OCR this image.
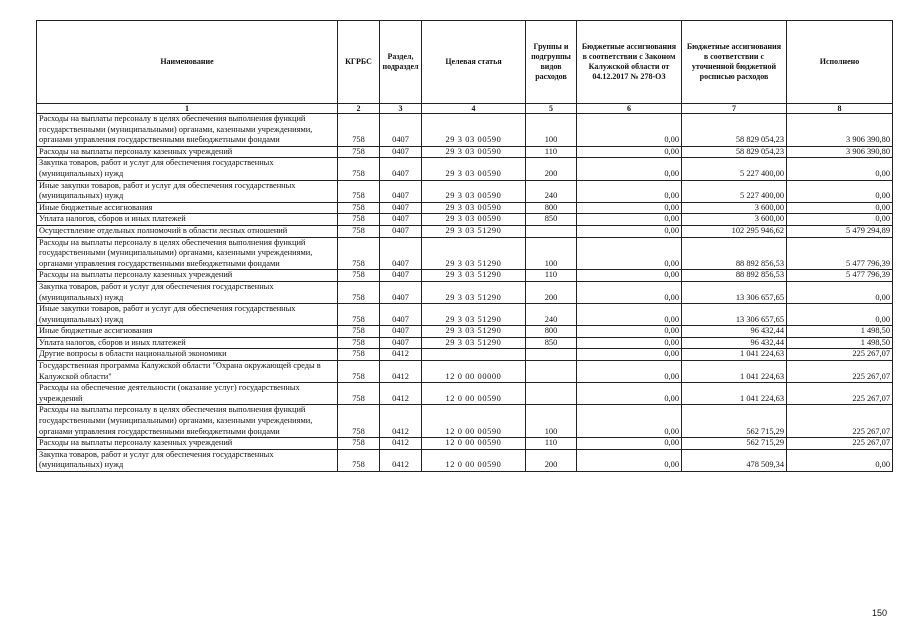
Наименование	КГРБС	Раздел, подраздел	Целевая статья	Группы и подгруппы видов расходов	Бюджетные ассигнования в соответствии с Законом Калужской области от 04.12.2017 № 278-ОЗ	Бюджетные ассигнования в соответствии с уточненной бюджетной росписью расходов	Исполнено
1	2	3	4	5	6	7	8
Расходы на выплаты персоналу в целях обеспечения выполнения функций государственными (муниципальными) органами, казенными учреждениями, органами управления государственными внебюджетными фондами	758	0407	29 3 03 00590	100	0,00	58 829 054,23	3 906 390,80
Расходы на выплаты персоналу казенных учреждений	758	0407	29 3 03 00590	110	0,00	58 829 054,23	3 906 390,80
Закупка товаров, работ и услуг для обеспечения государственных (муниципальных) нужд	758	0407	29 3 03 00590	200	0,00	5 227 400,00	0,00
Иные закупки товаров, работ и услуг для обеспечения государственных (муниципальных) нужд	758	0407	29 3 03 00590	240	0,00	5 227 400,00	0,00
Иные бюджетные ассигнования	758	0407	29 3 03 00590	800	0,00	3 600,00	0,00
Уплата налогов, сборов и иных платежей	758	0407	29 3 03 00590	850	0,00	3 600,00	0,00
Осуществление отдельных полномочий в области лесных отношений	758	0407	29 3 03 51290		0,00	102 295 946,62	5 479 294,89
Расходы на выплаты персоналу в целях обеспечения выполнения функций государственными (муниципальными) органами, казенными учреждениями, органами управления государственными внебюджетными фондами	758	0407	29 3 03 51290	100	0,00	88 892 856,53	5 477 796,39
Расходы на выплаты персоналу казенных учреждений	758	0407	29 3 03 51290	110	0,00	88 892 856,53	5 477 796,39
Закупка товаров, работ и услуг для обеспечения государственных (муниципальных) нужд	758	0407	29 3 03 51290	200	0,00	13 306 657,65	0,00
Иные закупки товаров, работ и услуг для обеспечения государственных (муниципальных) нужд	758	0407	29 3 03 51290	240	0,00	13 306 657,65	0,00
Иные бюджетные ассигнования	758	0407	29 3 03 51290	800	0,00	96 432,44	1 498,50
Уплата налогов, сборов и иных платежей	758	0407	29 3 03 51290	850	0,00	96 432,44	1 498,50
Другие вопросы в области национальной экономики	758	0412			0,00	1 041 224,63	225 267,07
Государственная программа Калужской области "Охрана окружающей среды в Калужской области"	758	0412	12 0 00 00000		0,00	1 041 224,63	225 267,07
Расходы на обеспечение деятельности (оказание услуг) государственных учреждений	758	0412	12 0 00 00590		0,00	1 041 224,63	225 267,07
Расходы на выплаты персоналу в целях обеспечения выполнения функций государственными (муниципальными) органами, казенными учреждениями, органами управления государственными внебюджетными фондами	758	0412	12 0 00 00590	100	0,00	562 715,29	225 267,07
Расходы на выплаты персоналу казенных учреждений	758	0412	12 0 00 00590	110	0,00	562 715,29	225 267,07
Закупка товаров, работ и услуг для обеспечения государственных (муниципальных) нужд	758	0412	12 0 00 00590	200	0,00	478 509,34	0,00
150
